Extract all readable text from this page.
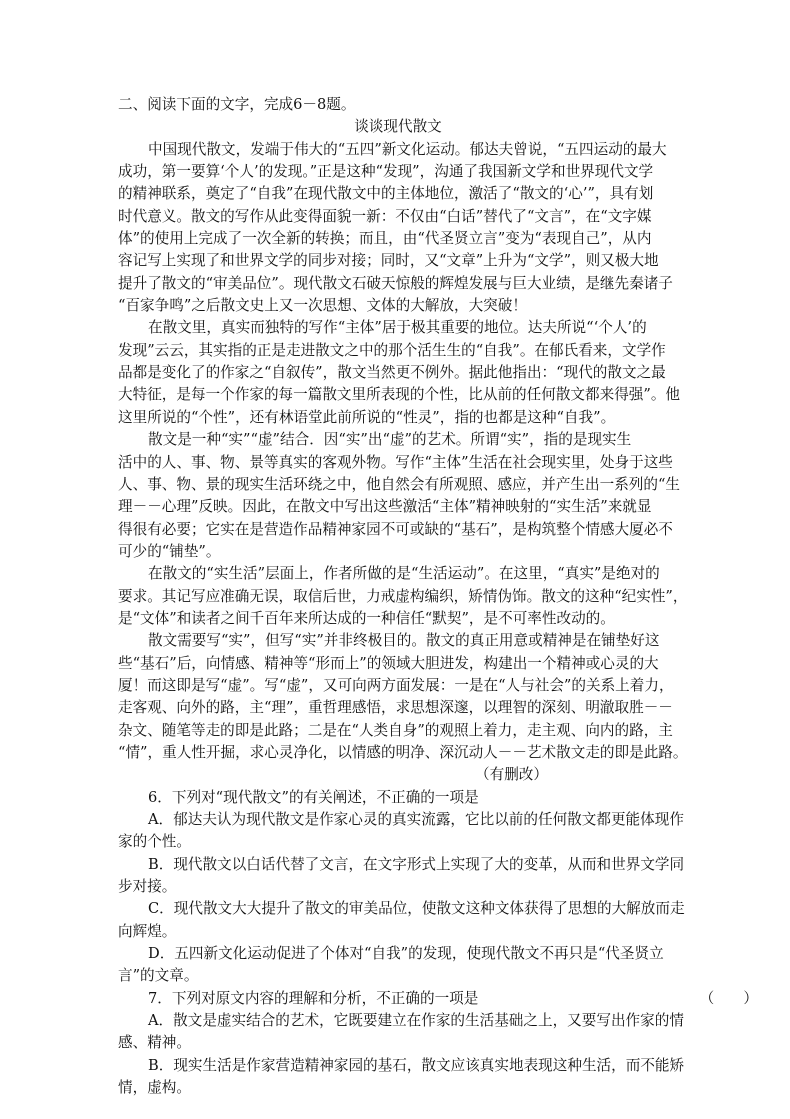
二、阅读下面的文字，完成6－8题。
谈谈现代散文
中国现代散文，发端于伟大的“五四”新文化运动。郁达夫曾说，“五四运动的最大
成功，第一要算‘个人’的发现。”正是这种“发现”，沟通了我国新文学和世界现代文学
的精神联系，奠定了“自我”在现代散文中的主体地位，激活了“散文的‘心’”，具有划
时代意义。散文的写作从此变得面貌一新：不仅由“白话”替代了“文言”，在“文字媒
体”的使用上完成了一次全新的转换；而且，由“代圣贤立言”变为“表现自己”，从内
容记写上实现了和世界文学的同步对接；同时，又“文章”上升为“文学”，则又极大地
提升了散文的“审美品位”。现代散文石破天惊般的辉煌发展与巨大业绩，是继先秦诸子
“百家争鸣”之后散文史上又一次思想、文体的大解放，大突破！
在散文里，真实而独特的写作“主体”居于极其重要的地位。达夫所说“‘个人’的
发现”云云，其实指的正是走进散文之中的那个活生生的“自我”。在郁氏看来，文学作
品都是变化了的作家之“自叙传”，散文当然更不例外。据此他指出：“现代的散文之最
大特征，是每一个作家的每一篇散文里所表现的个性，比从前的任何散文都来得强”。他
这里所说的“个性”，还有林语堂此前所说的“性灵”，指的也都是这种“自我”。
散文是一种“实”“虚”结合．因“实”出“虚”的艺术。所谓“实”，指的是现实生
活中的人、事、物、景等真实的客观外物。写作“主体”生活在社会现实里，处身于这些
人、事、物、景的现实生活环绕之中，他自然会有所观照、感应，并产生出一系列的“生
理－－心理”反映。因此，在散文中写出这些激活“主体”精神映射的“实生活”来就显
得很有必要；它实在是营造作品精神家园不可或缺的“基石”，是构筑整个情感大厦必不
可少的“铺垫”。
在散文的“实生活”层面上，作者所做的是“生活运动”。在这里，“真实”是绝对的
要求。其记写应准确无误，取信后世，力戒虚构编织，矫情伪饰。散文的这种“纪实性”，
是“文体”和读者之间千百年来所达成的一种信任“默契”，是不可率性改动的。
散文需要写“实”，但写“实”并非终极目的。散文的真正用意或精神是在铺垫好这
些“基石”后，向情感、精神等“形而上”的领域大胆进发，构建出一个精神或心灵的大
厦！而这即是写“虚”。写“虚”，又可向两方面发展：一是在“人与社会”的关系上着力，
走客观、向外的路，主“理”，重哲理感悟，求思想深邃，以理智的深刻、明澈取胜－－
杂文、随笔等走的即是此路；二是在“人类自身”的观照上着力，走主观、向内的路，主
“情”，重人性开掘，求心灵净化，以情感的明净、深沉动人－－艺术散文走的即是此路。
（有删改）
6．下列对“现代散文”的有关阐述，不正确的一项是
A．郁达夫认为现代散文是作家心灵的真实流露，它比以前的任何散文都更能体现作
家的个性。
B．现代散文以白话代替了文言，在文字形式上实现了大的变革，从而和世界文学同
步对接。
C．现代散文大大提升了散文的审美品位，使散文这种文体获得了思想的大解放而走
向辉煌。
D．五四新文化运动促进了个体对“自我”的发现，使现代散文不再只是“代圣贤立
言”的文章。
7．下列对原文内容的理解和分析，不正确的一项是	（　　）
A．散文是虚实结合的艺术，它既要建立在作家的生活基础之上，又要写出作家的情
感、精神。
B．现实生活是作家营造精神家园的基石，散文应该真实地表现这种生活，而不能矫
情，虚构。
